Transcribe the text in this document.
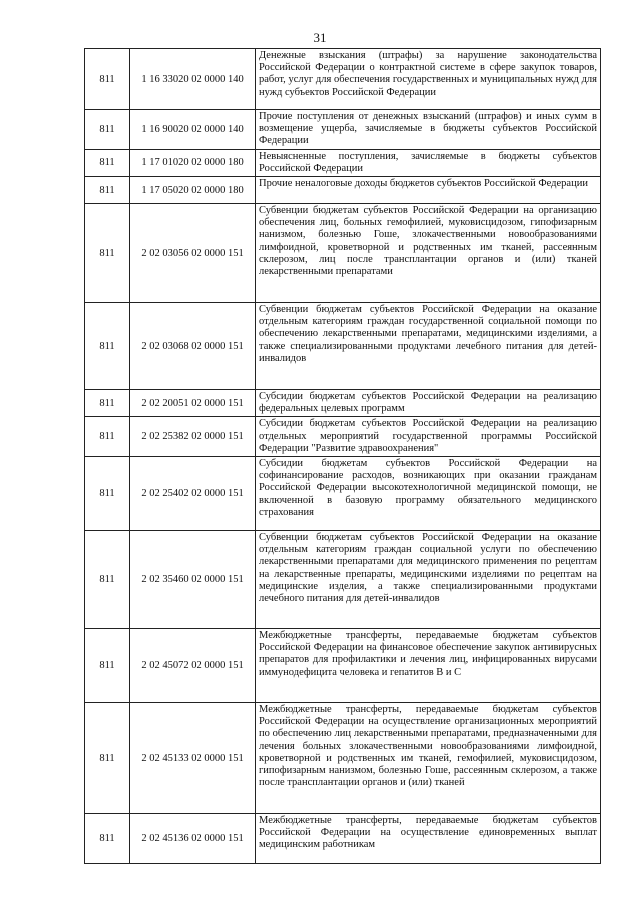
31
811	1 16 33020 02 0000 140	Денежные взыскания (штрафы) за нарушение законодательства Российской Федерации о контрактной системе в сфере закупок товаров, работ, услуг для обеспечения государственных и муниципальных нужд для нужд субъектов Российской Федерации
811	1 16 90020 02 0000 140	Прочие поступления от денежных взысканий (штрафов) и иных сумм в возмещение ущерба, зачисляемые в бюджеты субъектов Российской Федерации
811	1 17 01020 02 0000 180	Невыясненные поступления, зачисляемые в бюджеты субъектов Российской Федерации
811	1 17 05020 02 0000 180	Прочие неналоговые доходы бюджетов субъектов Российской Федерации
811	2 02 03056 02 0000 151	Субвенции бюджетам субъектов Российской Федерации на организацию обеспечения лиц, больных гемофилией, муковисцидозом, гипофизарным нанизмом, болезнью Гоше, злокачественными новообразованиями лимфоидной, кроветворной и родственных им тканей, рассеянным склерозом, лиц после трансплантации органов и (или) тканей лекарственными препаратами
811	2 02 03068 02 0000 151	Субвенции бюджетам субъектов Российской Федерации на оказание отдельным категориям граждан государственной социальной помощи по обеспечению лекарственными препаратами, медицинскими изделиями, а также специализированными продуктами лечебного питания для детей-инвалидов
811	2 02 20051 02 0000 151	Субсидии бюджетам субъектов Российской Федерации на реализацию федеральных целевых программ
811	2 02 25382 02 0000 151	Субсидии бюджетам субъектов Российской Федерации на реализацию отдельных мероприятий государственной программы Российской Федерации "Развитие здравоохранения"
811	2 02 25402 02 0000 151	Субсидии бюджетам субъектов Российской Федерации на софинансирование расходов, возникающих при оказании гражданам Российской Федерации высокотехнологичной медицинской помощи, не включенной в базовую программу обязательного медицинского страхования
811	2 02 35460 02 0000 151	Субвенции бюджетам субъектов Российской Федерации на оказание отдельным категориям граждан социальной услуги по обеспечению лекарственными препаратами для медицинского применения по рецептам на лекарственные препараты, медицинскими изделиями по рецептам на медицинские изделия, а также специализированными продуктами лечебного питания для детей-инвалидов
811	2 02 45072 02 0000 151	Межбюджетные трансферты, передаваемые бюджетам субъектов Российской Федерации на финансовое обеспечение закупок антивирусных препаратов для профилактики и лечения лиц, инфицированных вирусами иммунодефицита человека и гепатитов B и C
811	2 02 45133 02 0000 151	Межбюджетные трансферты, передаваемые бюджетам субъектов Российской Федерации на осуществление организационных мероприятий по обеспечению лиц лекарственными препаратами, предназначенными для лечения больных злокачественными новообразованиями лимфоидной, кроветворной и родственных им тканей, гемофилией, муковисцидозом, гипофизарным нанизмом, болезнью Гоше, рассеянным склерозом, а также после трансплантации органов и (или) тканей
811	2 02 45136 02 0000 151	Межбюджетные трансферты, передаваемые бюджетам субъектов Российской Федерации на осуществление единовременных выплат медицинским работникам
